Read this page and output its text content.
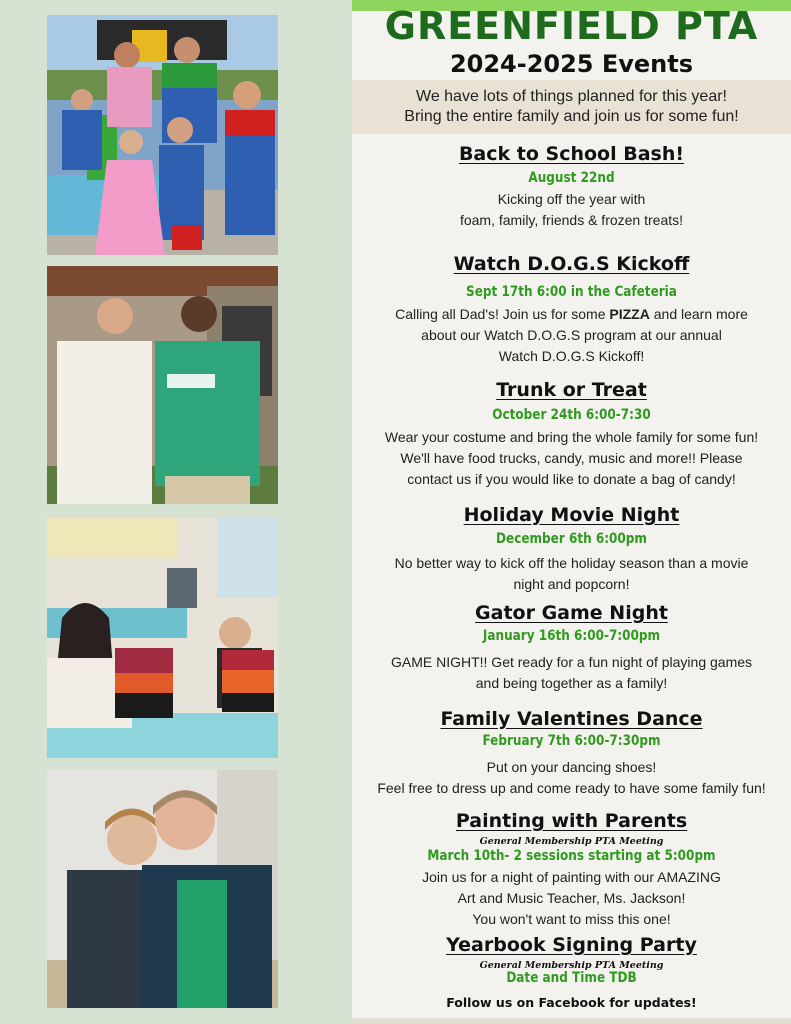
GREENFIELD PTA
2024-2025 Events
We have lots of things planned for this year!
Bring the entire family and join us for some fun!
Back to School Bash!
August 22nd
Kicking off the year with
foam, family, friends & frozen treats!
Watch D.O.G.S Kickoff
Sept 17th 6:00 in the Cafeteria
Calling all Dad's! Join us for some PIZZA and learn more
about our Watch D.O.G.S program at our annual
Watch D.O.G.S Kickoff!
Trunk or Treat
October 24th 6:00-7:30
Wear your costume and bring the whole family for some fun!
We'll have food trucks, candy, music and more!! Please
contact us if you would like to donate a bag of candy!
Holiday Movie Night
December 6th 6:00pm
No better way to kick off the holiday season than a movie
night and popcorn!
Gator Game Night
January 16th 6:00-7:00pm
GAME NIGHT!! Get ready for a fun night of playing games
and being together as a family!
Family Valentines Dance
February 7th 6:00-7:30pm
Put on your dancing shoes!
Feel free to dress up and come ready to have some family fun!
Painting with Parents
General Membership PTA Meeting
March 10th- 2 sessions starting at 5:00pm
Join us for a night of painting with our AMAZING
Art and Music Teacher, Ms. Jackson!
You won't want to miss this one!
Yearbook Signing Party
General Membership PTA Meeting
Date and Time TDB
Follow us on Facebook for updates!
